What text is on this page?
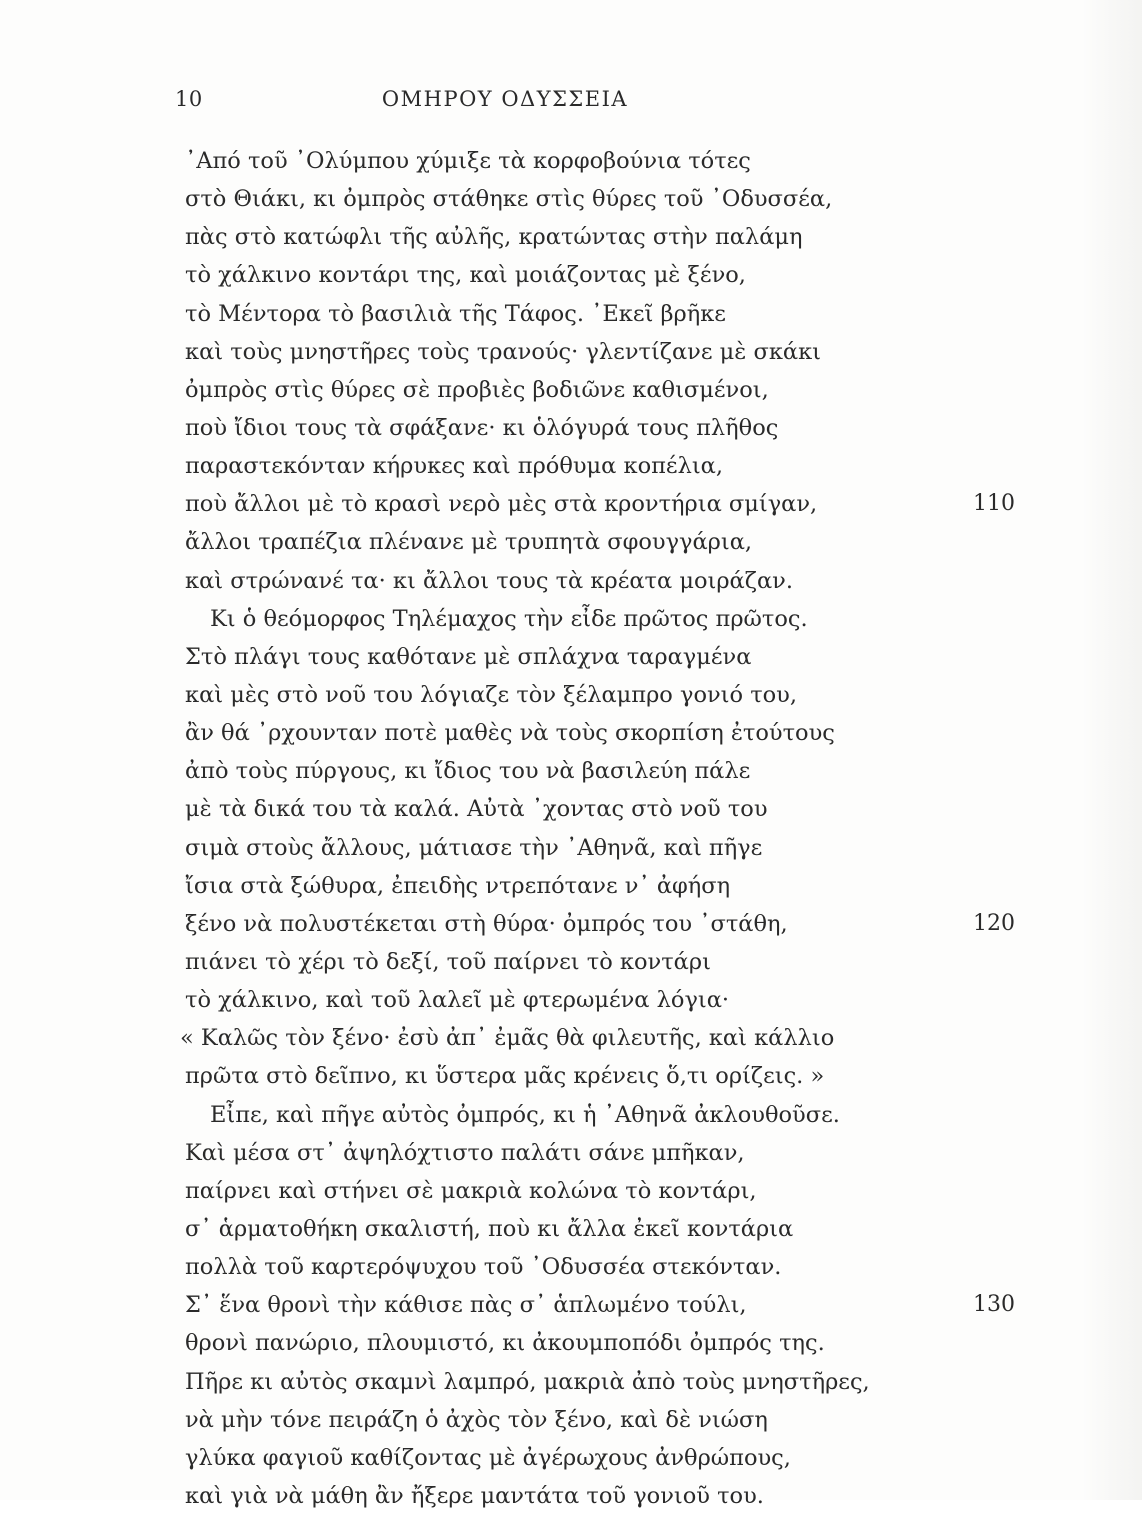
10	ΟΜΗΡΟΥ ΟΔΥΣΣΕΙΑ
᾿Από τοῦ ᾿Ολύμπου χύμιξε τὰ κορφοβούνια τότες
στὸ Θιάκι, κι ὀμπρὸς στάθηκε στὶς θύρες τοῦ ᾿Οδυσσέα,
πὰς στὸ κατώφλι τῆς αὐλῆς, κρατώντας στὴν παλάμη
τὸ χάλκινο κοντάρι της, καὶ μοιάζοντας μὲ ξένο,
τὸ Μέντορα τὸ βασιλιὰ τῆς Τάφος. ᾿Εκεῖ βρῆκε
καὶ τοὺς μνηστῆρες τοὺς τρανούς· γλεντίζανε μὲ σκάκι
ὀμπρὸς στὶς θύρες σὲ προβιὲς βοδιῶνε καθισμένοι,
ποὺ ἴδιοι τους τὰ σφάξανε· κι ὁλόγυρά τους πλῆθος
παραστεκόνταν κήρυκες καὶ πρόθυμα κοπέλια,
ποὺ ἄλλοι μὲ τὸ κρασὶ νερὸ μὲς στὰ κροντήρια σμίγαν,	110
ἄλλοι τραπέζια πλένανε μὲ τρυπητὰ σφουγγάρια,
καὶ στρώνανέ τα· κι ἄλλοι τους τὰ κρέατα μοιράζαν.
Κι ὁ θεόμορφος Τηλέμαχος τὴν εἶδε πρῶτος πρῶτος.
Στὸ πλάγι τους καθότανε μὲ σπλάχνα ταραγμένα
καὶ μὲς στὸ νοῦ του λόγιαζε τὸν ξέλαμπρο γονιό του,
ἂν θά ᾿ρχουνταν ποτὲ μαθὲς νὰ τοὺς σκορπίση ἐτούτους
ἀπὸ τοὺς πύργους, κι ἴδιος του νὰ βασιλεύη πάλε
μὲ τὰ δικά του τὰ καλά. Αὐτὰ ᾿χοντας στὸ νοῦ του
σιμὰ στοὺς ἄλλους, μάτιασε τὴν ᾿Αθηνᾶ, καὶ πῆγε
ἴσια στὰ ξώθυρα, ἐπειδὴς ντρεπότανε ν᾿ ἀφήση
ξένο νὰ πολυστέκεται στὴ θύρα· ὀμπρός του ᾿στάθη,	120
πιάνει τὸ χέρι τὸ δεξί, τοῦ παίρνει τὸ κοντάρι
τὸ χάλκινο, καὶ τοῦ λαλεῖ μὲ φτερωμένα λόγια·
« Καλῶς τὸν ξένο· ἐσὺ ἀπ᾿ ἐμᾶς θὰ φιλευτῆς, καὶ κάλλιο
πρῶτα στὸ δεῖπνο, κι ὕστερα μᾶς κρένεις ὅ,τι ορίζεις. »
Εἶπε, καὶ πῆγε αὐτὸς ὀμπρός, κι ἡ ᾿Αθηνᾶ ἀκλουθοῦσε.
Καὶ μέσα στ᾿ ἀψηλόχτιστο παλάτι σάνε μπῆκαν,
παίρνει καὶ στήνει σὲ μακριὰ κολώνα τὸ κοντάρι,
σ᾿ ἁρματοθήκη σκαλιστή, ποὺ κι ἄλλα ἐκεῖ κοντάρια
πολλὰ τοῦ καρτερόψυχου τοῦ ᾿Οδυσσέα στεκόνταν.
Σ᾿ ἕνα θρονὶ τὴν κάθισε πὰς σ᾿ ἁπλωμένο τούλι,	130
θρονὶ πανώριο, πλουμιστό, κι ἀκουμποπόδι ὀμπρός της.
Πῆρε κι αὐτὸς σκαμνὶ λαμπρό, μακριὰ ἀπὸ τοὺς μνηστῆρες,
νὰ μὴν τόνε πειράζη ὁ ἀχὸς τὸν ξένο, καὶ δὲ νιώση
γλύκα φαγιοῦ καθίζοντας μὲ ἀγέρωχους ἀνθρώπους,
καὶ γιὰ νὰ μάθη ἂν ἤξερε μαντάτα τοῦ γονιοῦ του.
